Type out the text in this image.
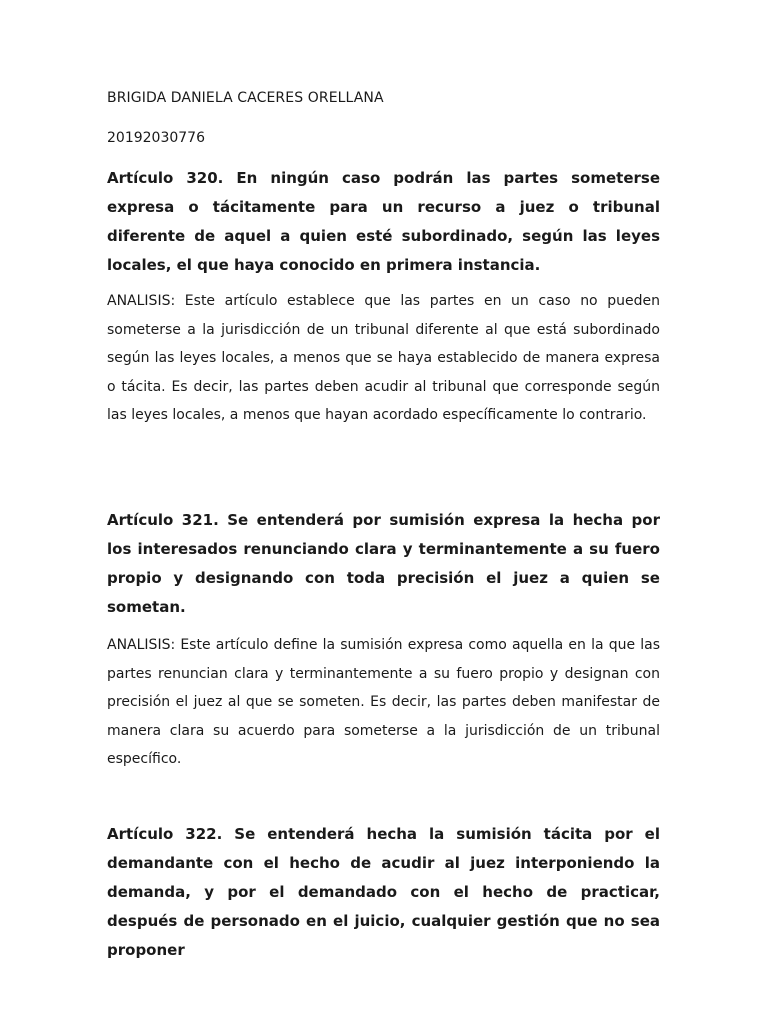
BRIGIDA DANIELA CACERES ORELLANA
20192030776

Artículo 320. En ningún caso podrán las partes someterse expresa o tácitamente para un recurso a juez o tribunal diferente de aquel a quien esté subordinado, según las leyes locales, el que haya conocido en primera instancia.

ANALISIS: Este artículo establece que las partes en un caso no pueden someterse a la jurisdicción de un tribunal diferente al que está subordinado según las leyes locales, a menos que se haya establecido de manera expresa o tácita. Es decir, las partes deben acudir al tribunal que corresponde según las leyes locales, a menos que hayan acordado específicamente lo contrario.

Artículo 321. Se entenderá por sumisión expresa la hecha por los interesados renunciando clara y terminantemente a su fuero propio y designando con toda precisión el juez a quien se sometan.

ANALISIS: Este artículo define la sumisión expresa como aquella en la que las partes renuncian clara y terminantemente a su fuero propio y designan con precisión el juez al que se someten. Es decir, las partes deben manifestar de manera clara su acuerdo para someterse a la jurisdicción de un tribunal específico.

Artículo 322. Se entenderá hecha la sumisión tácita por el demandante con el hecho de acudir al juez interponiendo la demanda, y por el demandado con el hecho de practicar, después de personado en el juicio, cualquier gestión que no sea proponer
